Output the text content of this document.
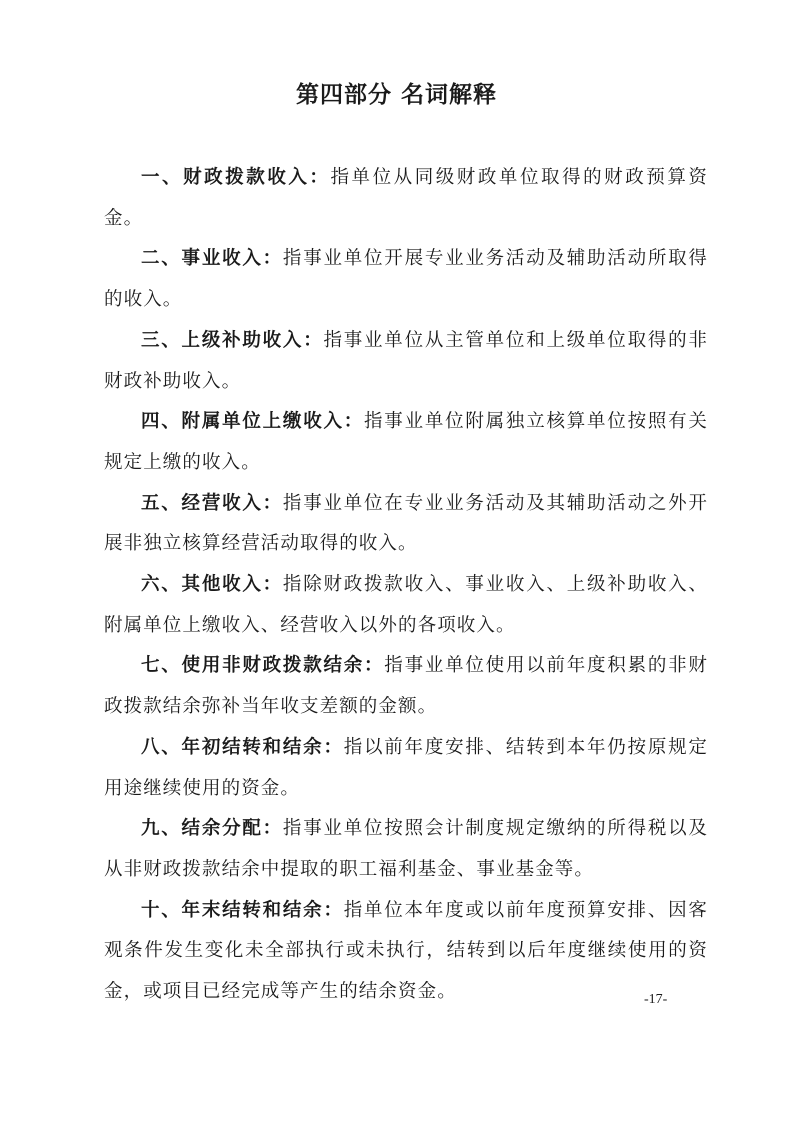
第四部分 名词解释

一、财政拨款收入：指单位从同级财政单位取得的财政预算资金。

二、事业收入：指事业单位开展专业业务活动及辅助活动所取得的收入。

三、上级补助收入：指事业单位从主管单位和上级单位取得的非财政补助收入。

四、附属单位上缴收入：指事业单位附属独立核算单位按照有关规定上缴的收入。

五、经营收入：指事业单位在专业业务活动及其辅助活动之外开展非独立核算经营活动取得的收入。

六、其他收入：指除财政拨款收入、事业收入、上级补助收入、附属单位上缴收入、经营收入以外的各项收入。

七、使用非财政拨款结余：指事业单位使用以前年度积累的非财政拨款结余弥补当年收支差额的金额。

八、年初结转和结余：指以前年度安排、结转到本年仍按原规定用途继续使用的资金。

九、结余分配：指事业单位按照会计制度规定缴纳的所得税以及从非财政拨款结余中提取的职工福利基金、事业基金等。

十、年末结转和结余：指单位本年度或以前年度预算安排、因客观条件发生变化未全部执行或未执行，结转到以后年度继续使用的资金，或项目已经完成等产生的结余资金。	-17-
